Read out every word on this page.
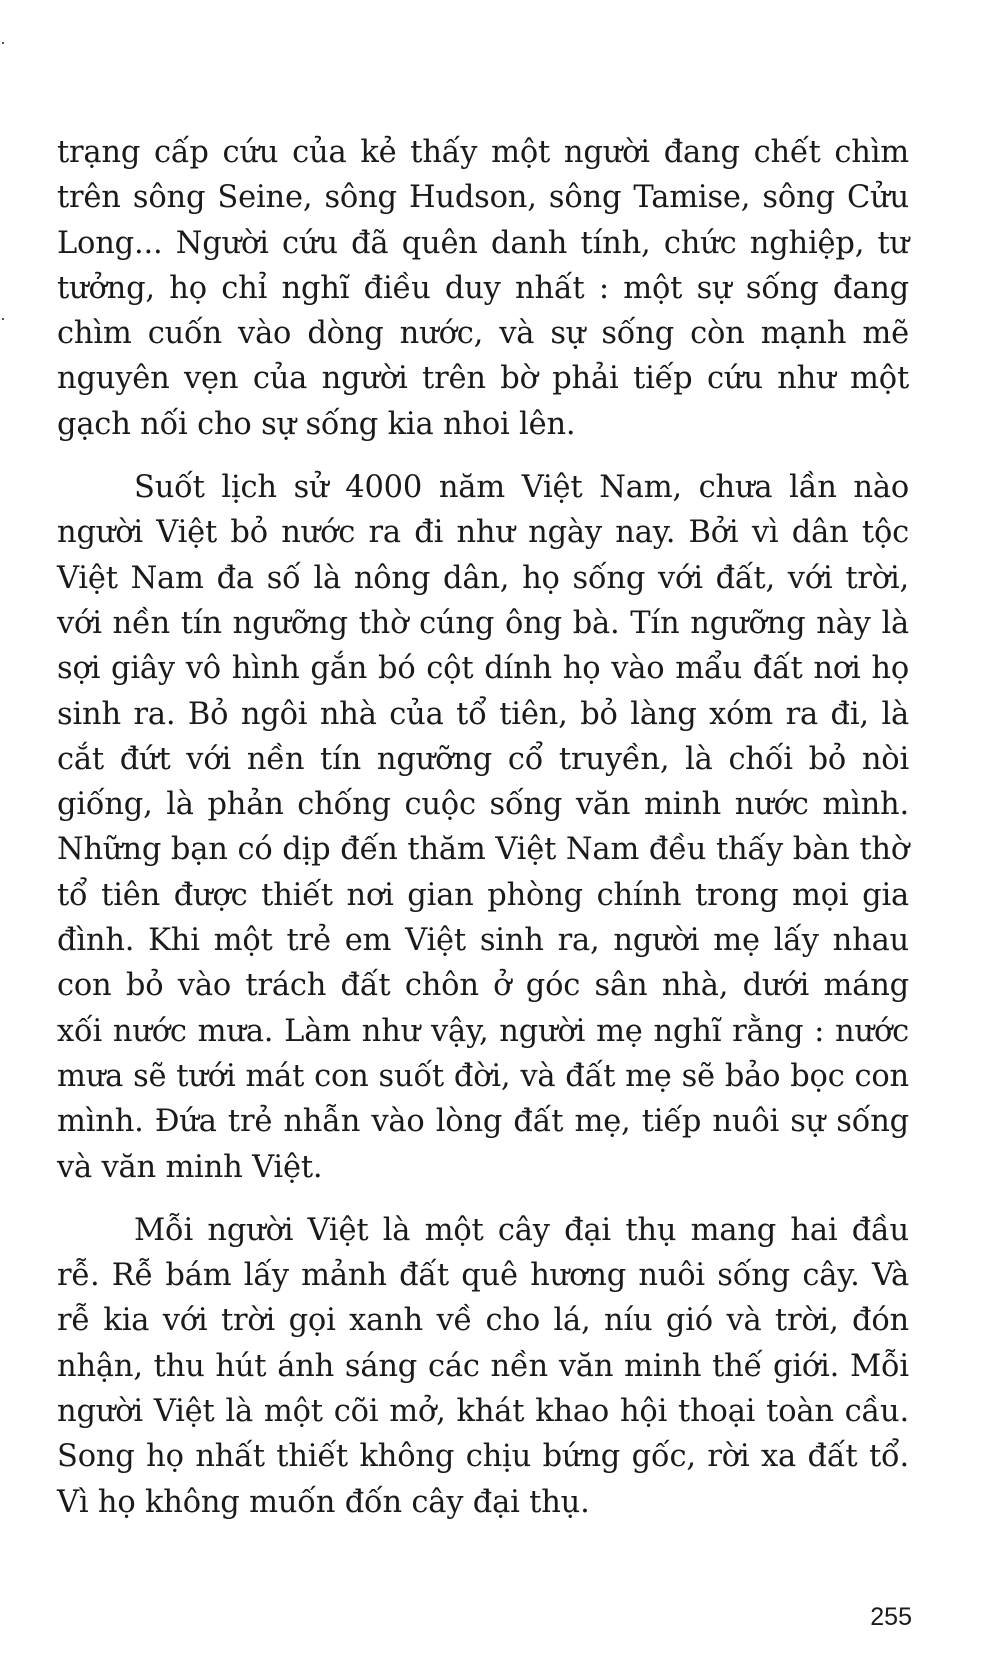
trạng cấp cứu của kẻ thấy một người đang chết chìm trên sông Seine, sông Hudson, sông Tamise, sông Cửu Long... Người cứu đã quên danh tính, chức nghiệp, tư tưởng, họ chỉ nghĩ điều duy nhất : một sự sống đang chìm cuốn vào dòng nước, và sự sống còn mạnh mẽ nguyên vẹn của người trên bờ phải tiếp cứu như một gạch nối cho sự sống kia nhoi lên.

Suốt lịch sử 4000 năm Việt Nam, chưa lần nào người Việt bỏ nước ra đi như ngày nay. Bởi vì dân tộc Việt Nam đa số là nông dân, họ sống với đất, với trời, với nền tín ngưỡng thờ cúng ông bà. Tín ngưỡng này là sợi giây vô hình gắn bó cột dính họ vào mẩu đất nơi họ sinh ra. Bỏ ngôi nhà của tổ tiên, bỏ làng xóm ra đi, là cắt đứt với nền tín ngưỡng cổ truyền, là chối bỏ nòi giống, là phản chống cuộc sống văn minh nước mình. Những bạn có dịp đến thăm Việt Nam đều thấy bàn thờ tổ tiên được thiết nơi gian phòng chính trong mọi gia đình. Khi một trẻ em Việt sinh ra, người mẹ lấy nhau con bỏ vào trách đất chôn ở góc sân nhà, dưới máng xối nước mưa. Làm như vậy, người mẹ nghĩ rằng : nước mưa sẽ tưới mát con suốt đời, và đất mẹ sẽ bảo bọc con mình. Đứa trẻ nhẫn vào lòng đất mẹ, tiếp nuôi sự sống và văn minh Việt.

Mỗi người Việt là một cây đại thụ mang hai đầu rễ. Rễ bám lấy mảnh đất quê hương nuôi sống cây. Và rễ kia với trời gọi xanh về cho lá, níu gió và trời, đón nhận, thu hút ánh sáng các nền văn minh thế giới. Mỗi người Việt là một cõi mở, khát khao hội thoại toàn cầu. Song họ nhất thiết không chịu bứng gốc, rời xa đất tổ. Vì họ không muốn đốn cây đại thụ.

255
